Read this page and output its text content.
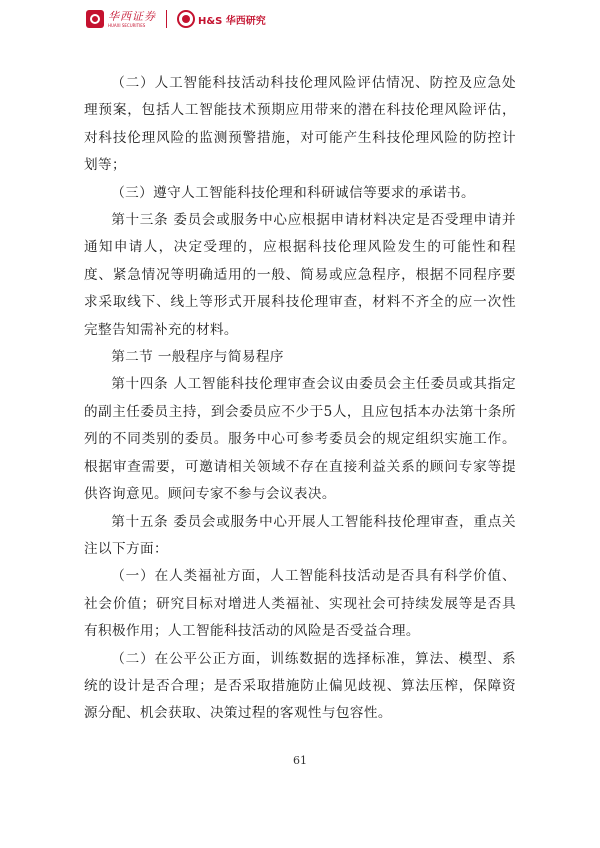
华西证券
HUAXI SECURITIES	H&S 华西研究

（二）人工智能科技活动科技伦理风险评估情况、防控及应急处理预案，包括人工智能技术预期应用带来的潜在科技伦理风险评估，对科技伦理风险的监测预警措施，对可能产生科技伦理风险的防控计划等；

（三）遵守人工智能科技伦理和科研诚信等要求的承诺书。

第十三条 委员会或服务中心应根据申请材料决定是否受理申请并通知申请人，决定受理的，应根据科技伦理风险发生的可能性和程度、紧急情况等明确适用的一般、简易或应急程序，根据不同程序要求采取线下、线上等形式开展科技伦理审查，材料不齐全的应一次性完整告知需补充的材料。

第二节 一般程序与简易程序

第十四条 人工智能科技伦理审查会议由委员会主任委员或其指定的副主任委员主持，到会委员应不少于5人，且应包括本办法第十条所列的不同类别的委员。服务中心可参考委员会的规定组织实施工作。根据审查需要，可邀请相关领域不存在直接利益关系的顾问专家等提供咨询意见。顾问专家不参与会议表决。

第十五条 委员会或服务中心开展人工智能科技伦理审查，重点关注以下方面：

（一）在人类福祉方面，人工智能科技活动是否具有科学价值、社会价值；研究目标对增进人类福祉、实现社会可持续发展等是否具有积极作用；人工智能科技活动的风险是否受益合理。

（二）在公平公正方面，训练数据的选择标准，算法、模型、系统的设计是否合理；是否采取措施防止偏见歧视、算法压榨，保障资源分配、机会获取、决策过程的客观性与包容性。

61
